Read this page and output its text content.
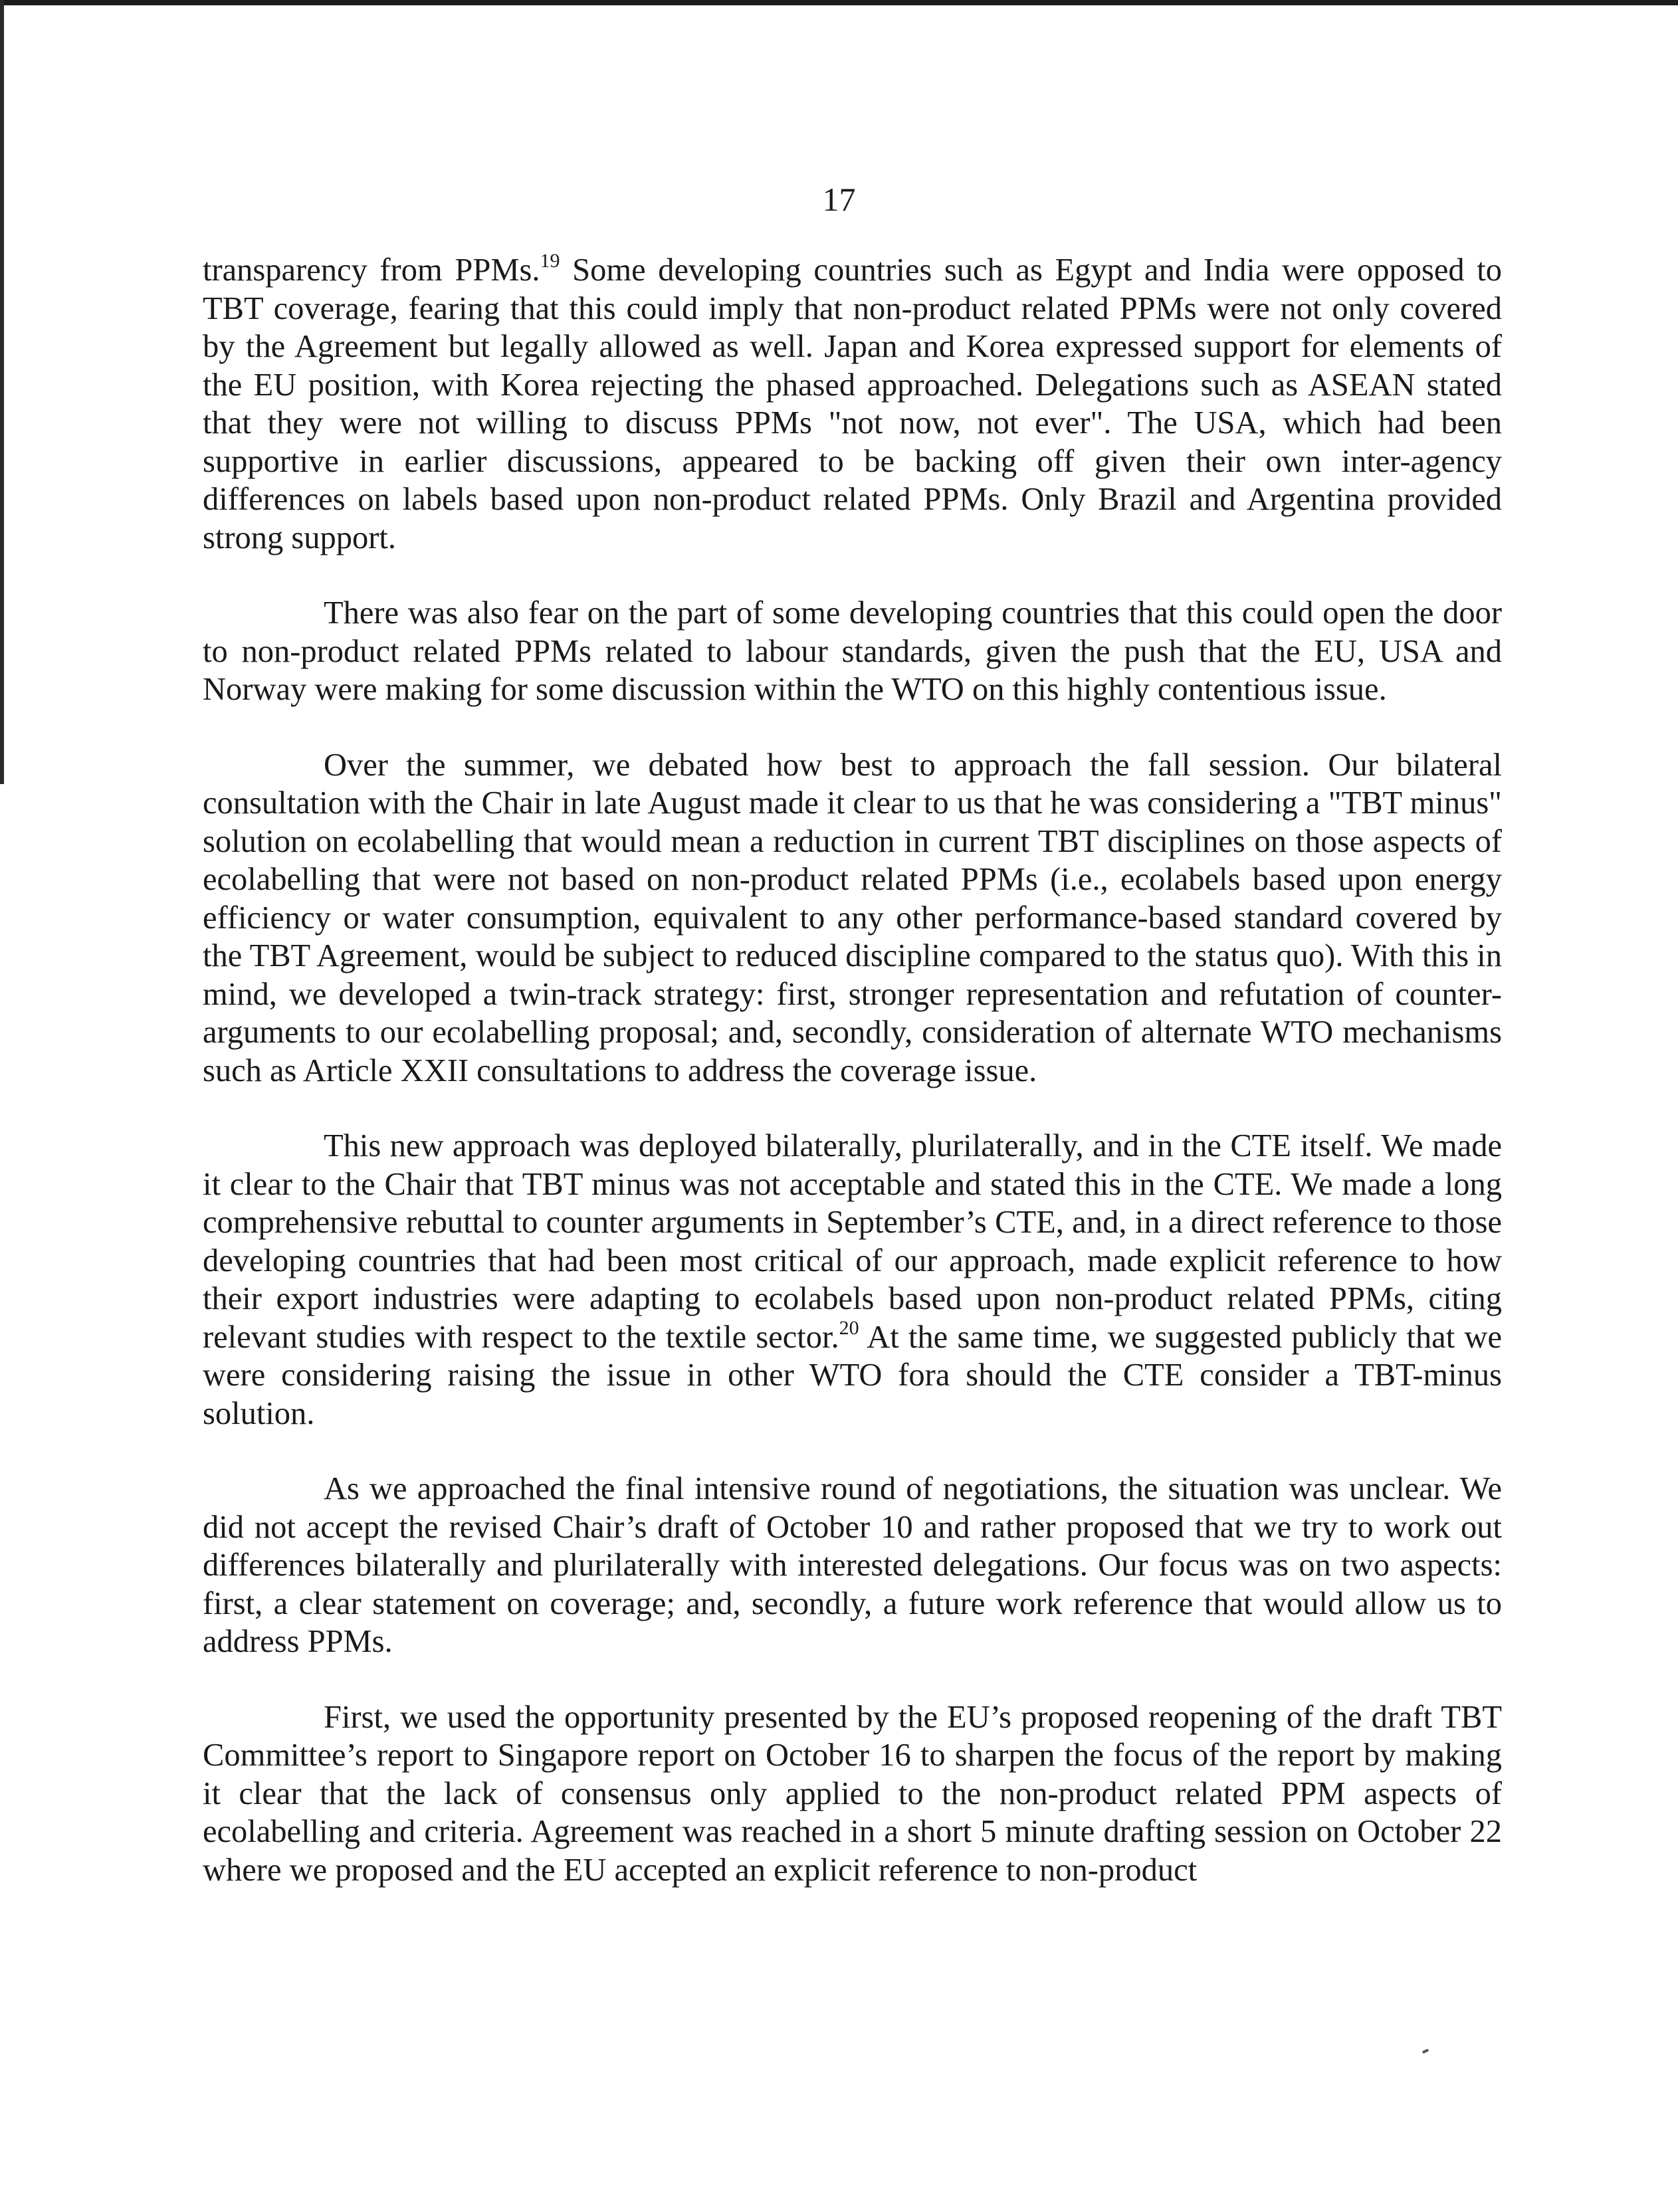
17

transparency from PPMs.$^{19}$ Some developing countries such as Egypt and India were opposed to TBT coverage, fearing that this could imply that non-product related PPMs were not only covered by the Agreement but legally allowed as well. Japan and Korea expressed support for elements of the EU position, with Korea rejecting the phased approached. Delegations such as ASEAN stated that they were not willing to discuss PPMs "not now, not ever". The USA, which had been supportive in earlier discussions, appeared to be backing off given their own inter-agency differences on labels based upon non-product related PPMs. Only Brazil and Argentina provided strong support.

There was also fear on the part of some developing countries that this could open the door to non-product related PPMs related to labour standards, given the push that the EU, USA and Norway were making for some discussion within the WTO on this highly contentious issue.

Over the summer, we debated how best to approach the fall session. Our bilateral consultation with the Chair in late August made it clear to us that he was considering a "TBT minus" solution on ecolabelling that would mean a reduction in current TBT disciplines on those aspects of ecolabelling that were not based on non-product related PPMs (i.e., ecolabels based upon energy efficiency or water consumption, equivalent to any other performance-based standard covered by the TBT Agreement, would be subject to reduced discipline compared to the status quo). With this in mind, we developed a twin-track strategy: first, stronger representation and refutation of counter-arguments to our ecolabelling proposal; and, secondly, consideration of alternate WTO mechanisms such as Article XXII consultations to address the coverage issue.

This new approach was deployed bilaterally, plurilaterally, and in the CTE itself. We made it clear to the Chair that TBT minus was not acceptable and stated this in the CTE. We made a long comprehensive rebuttal to counter arguments in September’s CTE, and, in a direct reference to those developing countries that had been most critical of our approach, made explicit reference to how their export industries were adapting to ecolabels based upon non-product related PPMs, citing relevant studies with respect to the textile sector.$^{20}$ At the same time, we suggested publicly that we were considering raising the issue in other WTO fora should the CTE consider a TBT-minus solution.

As we approached the final intensive round of negotiations, the situation was unclear. We did not accept the revised Chair’s draft of October 10 and rather proposed that we try to work out differences bilaterally and plurilaterally with interested delegations. Our focus was on two aspects: first, a clear statement on coverage; and, secondly, a future work reference that would allow us to address PPMs.

First, we used the opportunity presented by the EU’s proposed reopening of the draft TBT Committee’s report to Singapore report on October 16 to sharpen the focus of the report by making it clear that the lack of consensus only applied to the non-product related PPM aspects of ecolabelling and criteria. Agreement was reached in a short 5 minute drafting session on October 22 where we proposed and the EU accepted an explicit reference to non-product
